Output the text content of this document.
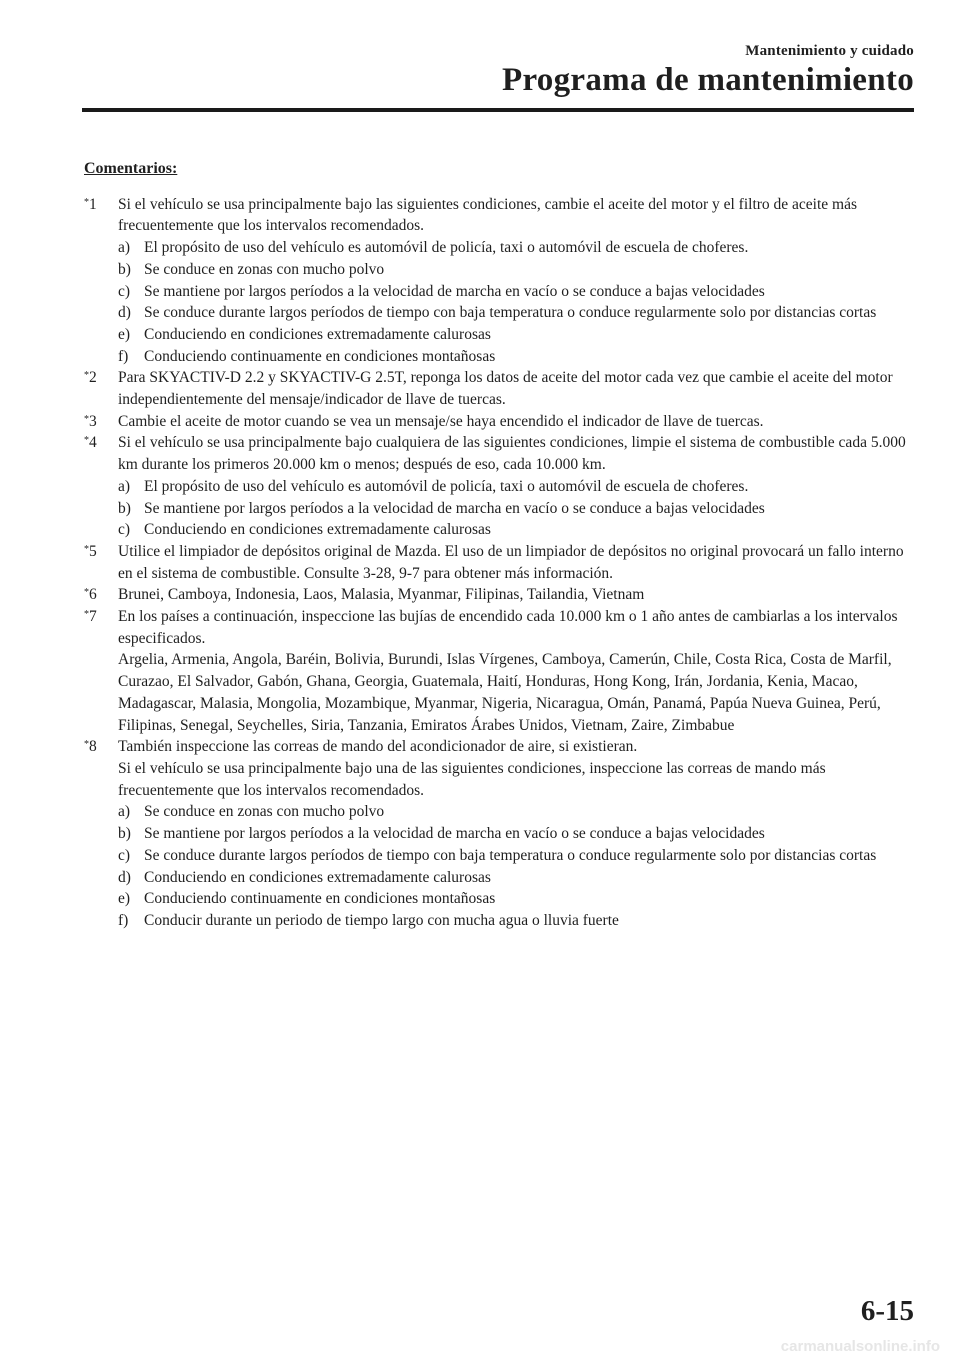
Mantenimiento y cuidado
Programa de mantenimiento
Comentarios:
*1	Si el vehículo se usa principalmente bajo las siguientes condiciones, cambie el aceite del motor y el filtro de aceite más frecuentemente que los intervalos recomendados.
a) El propósito de uso del vehículo es automóvil de policía, taxi o automóvil de escuela de choferes.
b) Se conduce en zonas con mucho polvo
c) Se mantiene por largos períodos a la velocidad de marcha en vacío o se conduce a bajas velocidades
d) Se conduce durante largos períodos de tiempo con baja temperatura o conduce regularmente solo por distancias cortas
e) Conduciendo en condiciones extremadamente calurosas
f)	Conduciendo continuamente en condiciones montañosas
*2	Para SKYACTIV-D 2.2 y SKYACTIV-G 2.5T, reponga los datos de aceite del motor cada vez que cambie el aceite del motor independientemente del mensaje/indicador de llave de tuercas.
*3	Cambie el aceite de motor cuando se vea un mensaje/se haya encendido el indicador de llave de tuercas.
*4	Si el vehículo se usa principalmente bajo cualquiera de las siguientes condiciones, limpie el sistema de combustible cada 5.000 km durante los primeros 20.000 km o menos; después de eso, cada 10.000 km.
a) El propósito de uso del vehículo es automóvil de policía, taxi o automóvil de escuela de choferes.
b) Se mantiene por largos períodos a la velocidad de marcha en vacío o se conduce a bajas velocidades
c) Conduciendo en condiciones extremadamente calurosas
*5	Utilice el limpiador de depósitos original de Mazda. El uso de un limpiador de depósitos no original provocará un fallo interno en el sistema de combustible. Consulte 3-28, 9-7 para obtener más información.
*6	Brunei, Camboya, Indonesia, Laos, Malasia, Myanmar, Filipinas, Tailandia, Vietnam
*7	En los países a continuación, inspeccione las bujías de encendido cada 10.000 km o 1 año antes de cambiarlas a los intervalos especificados.
Argelia, Armenia, Angola, Baréin, Bolivia, Burundi, Islas Vírgenes, Camboya, Camerún, Chile, Costa Rica, Costa de Marfil, Curazao, El Salvador, Gabón, Ghana, Georgia, Guatemala, Haití, Honduras, Hong Kong, Irán, Jordania, Kenia, Macao, Madagascar, Malasia, Mongolia, Mozambique, Myanmar, Nigeria, Nicaragua, Omán, Panamá, Papúa Nueva Guinea, Perú, Filipinas, Senegal, Seychelles, Siria, Tanzania, Emiratos Árabes Unidos, Vietnam, Zaire, Zimbabue
*8	También inspeccione las correas de mando del acondicionador de aire, si existieran.
Si el vehículo se usa principalmente bajo una de las siguientes condiciones, inspeccione las correas de mando más frecuentemente que los intervalos recomendados.
a) Se conduce en zonas con mucho polvo
b) Se mantiene por largos períodos a la velocidad de marcha en vacío o se conduce a bajas velocidades
c) Se conduce durante largos períodos de tiempo con baja temperatura o conduce regularmente solo por distancias cortas
d) Conduciendo en condiciones extremadamente calurosas
e) Conduciendo continuamente en condiciones montañosas
f)	Conducir durante un periodo de tiempo largo con mucha agua o lluvia fuerte
6-15
carmanualsonline.info
